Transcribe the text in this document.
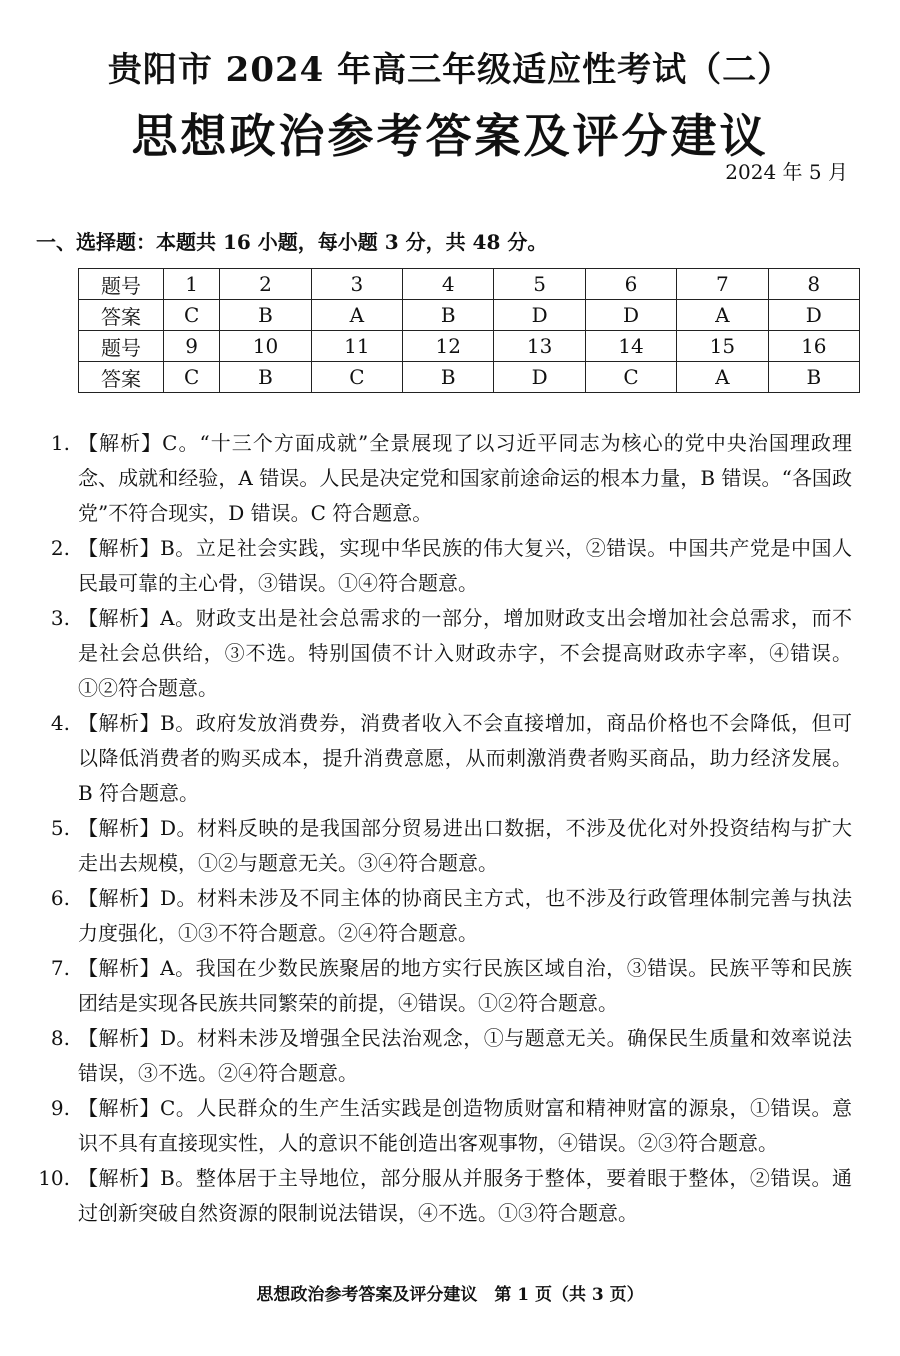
贵阳市 2024 年高三年级适应性考试（二）
思想政治参考答案及评分建议
2024 年 5 月
一、选择题：本题共 16 小题，每小题 3 分，共 48 分。
题号	1	2	3	4	5	6	7	8
答案	C	B	A	B	D	D	A	D
题号	9	10	11	12	13	14	15	16
答案	C	B	C	B	D	C	A	B
1. 【解析】C。“十三个方面成就”全景展现了以习近平同志为核心的党中央治国理政理念、成就和经验，A 错误。人民是决定党和国家前途命运的根本力量，B 错误。“各国政党”不符合现实，D 错误。C 符合题意。
2. 【解析】B。立足社会实践，实现中华民族的伟大复兴，②错误。中国共产党是中国人民最可靠的主心骨，③错误。①④符合题意。
3. 【解析】A。财政支出是社会总需求的一部分，增加财政支出会增加社会总需求，而不是社会总供给，③不选。特别国债不计入财政赤字，不会提高财政赤字率，④错误。①②符合题意。
4. 【解析】B。政府发放消费券，消费者收入不会直接增加，商品价格也不会降低，但可以降低消费者的购买成本，提升消费意愿，从而刺激消费者购买商品，助力经济发展。B 符合题意。
5. 【解析】D。材料反映的是我国部分贸易进出口数据，不涉及优化对外投资结构与扩大走出去规模，①②与题意无关。③④符合题意。
6. 【解析】D。材料未涉及不同主体的协商民主方式，也不涉及行政管理体制完善与执法力度强化，①③不符合题意。②④符合题意。
7. 【解析】A。我国在少数民族聚居的地方实行民族区域自治，③错误。民族平等和民族团结是实现各民族共同繁荣的前提，④错误。①②符合题意。
8. 【解析】D。材料未涉及增强全民法治观念，①与题意无关。确保民生质量和效率说法错误，③不选。②④符合题意。
9. 【解析】C。人民群众的生产生活实践是创造物质财富和精神财富的源泉，①错误。意识不具有直接现实性，人的意识不能创造出客观事物，④错误。②③符合题意。
10. 【解析】B。整体居于主导地位，部分服从并服务于整体，要着眼于整体，②错误。通过创新突破自然资源的限制说法错误，④不选。①③符合题意。
思想政治参考答案及评分建议　第 1 页（共 3 页）
